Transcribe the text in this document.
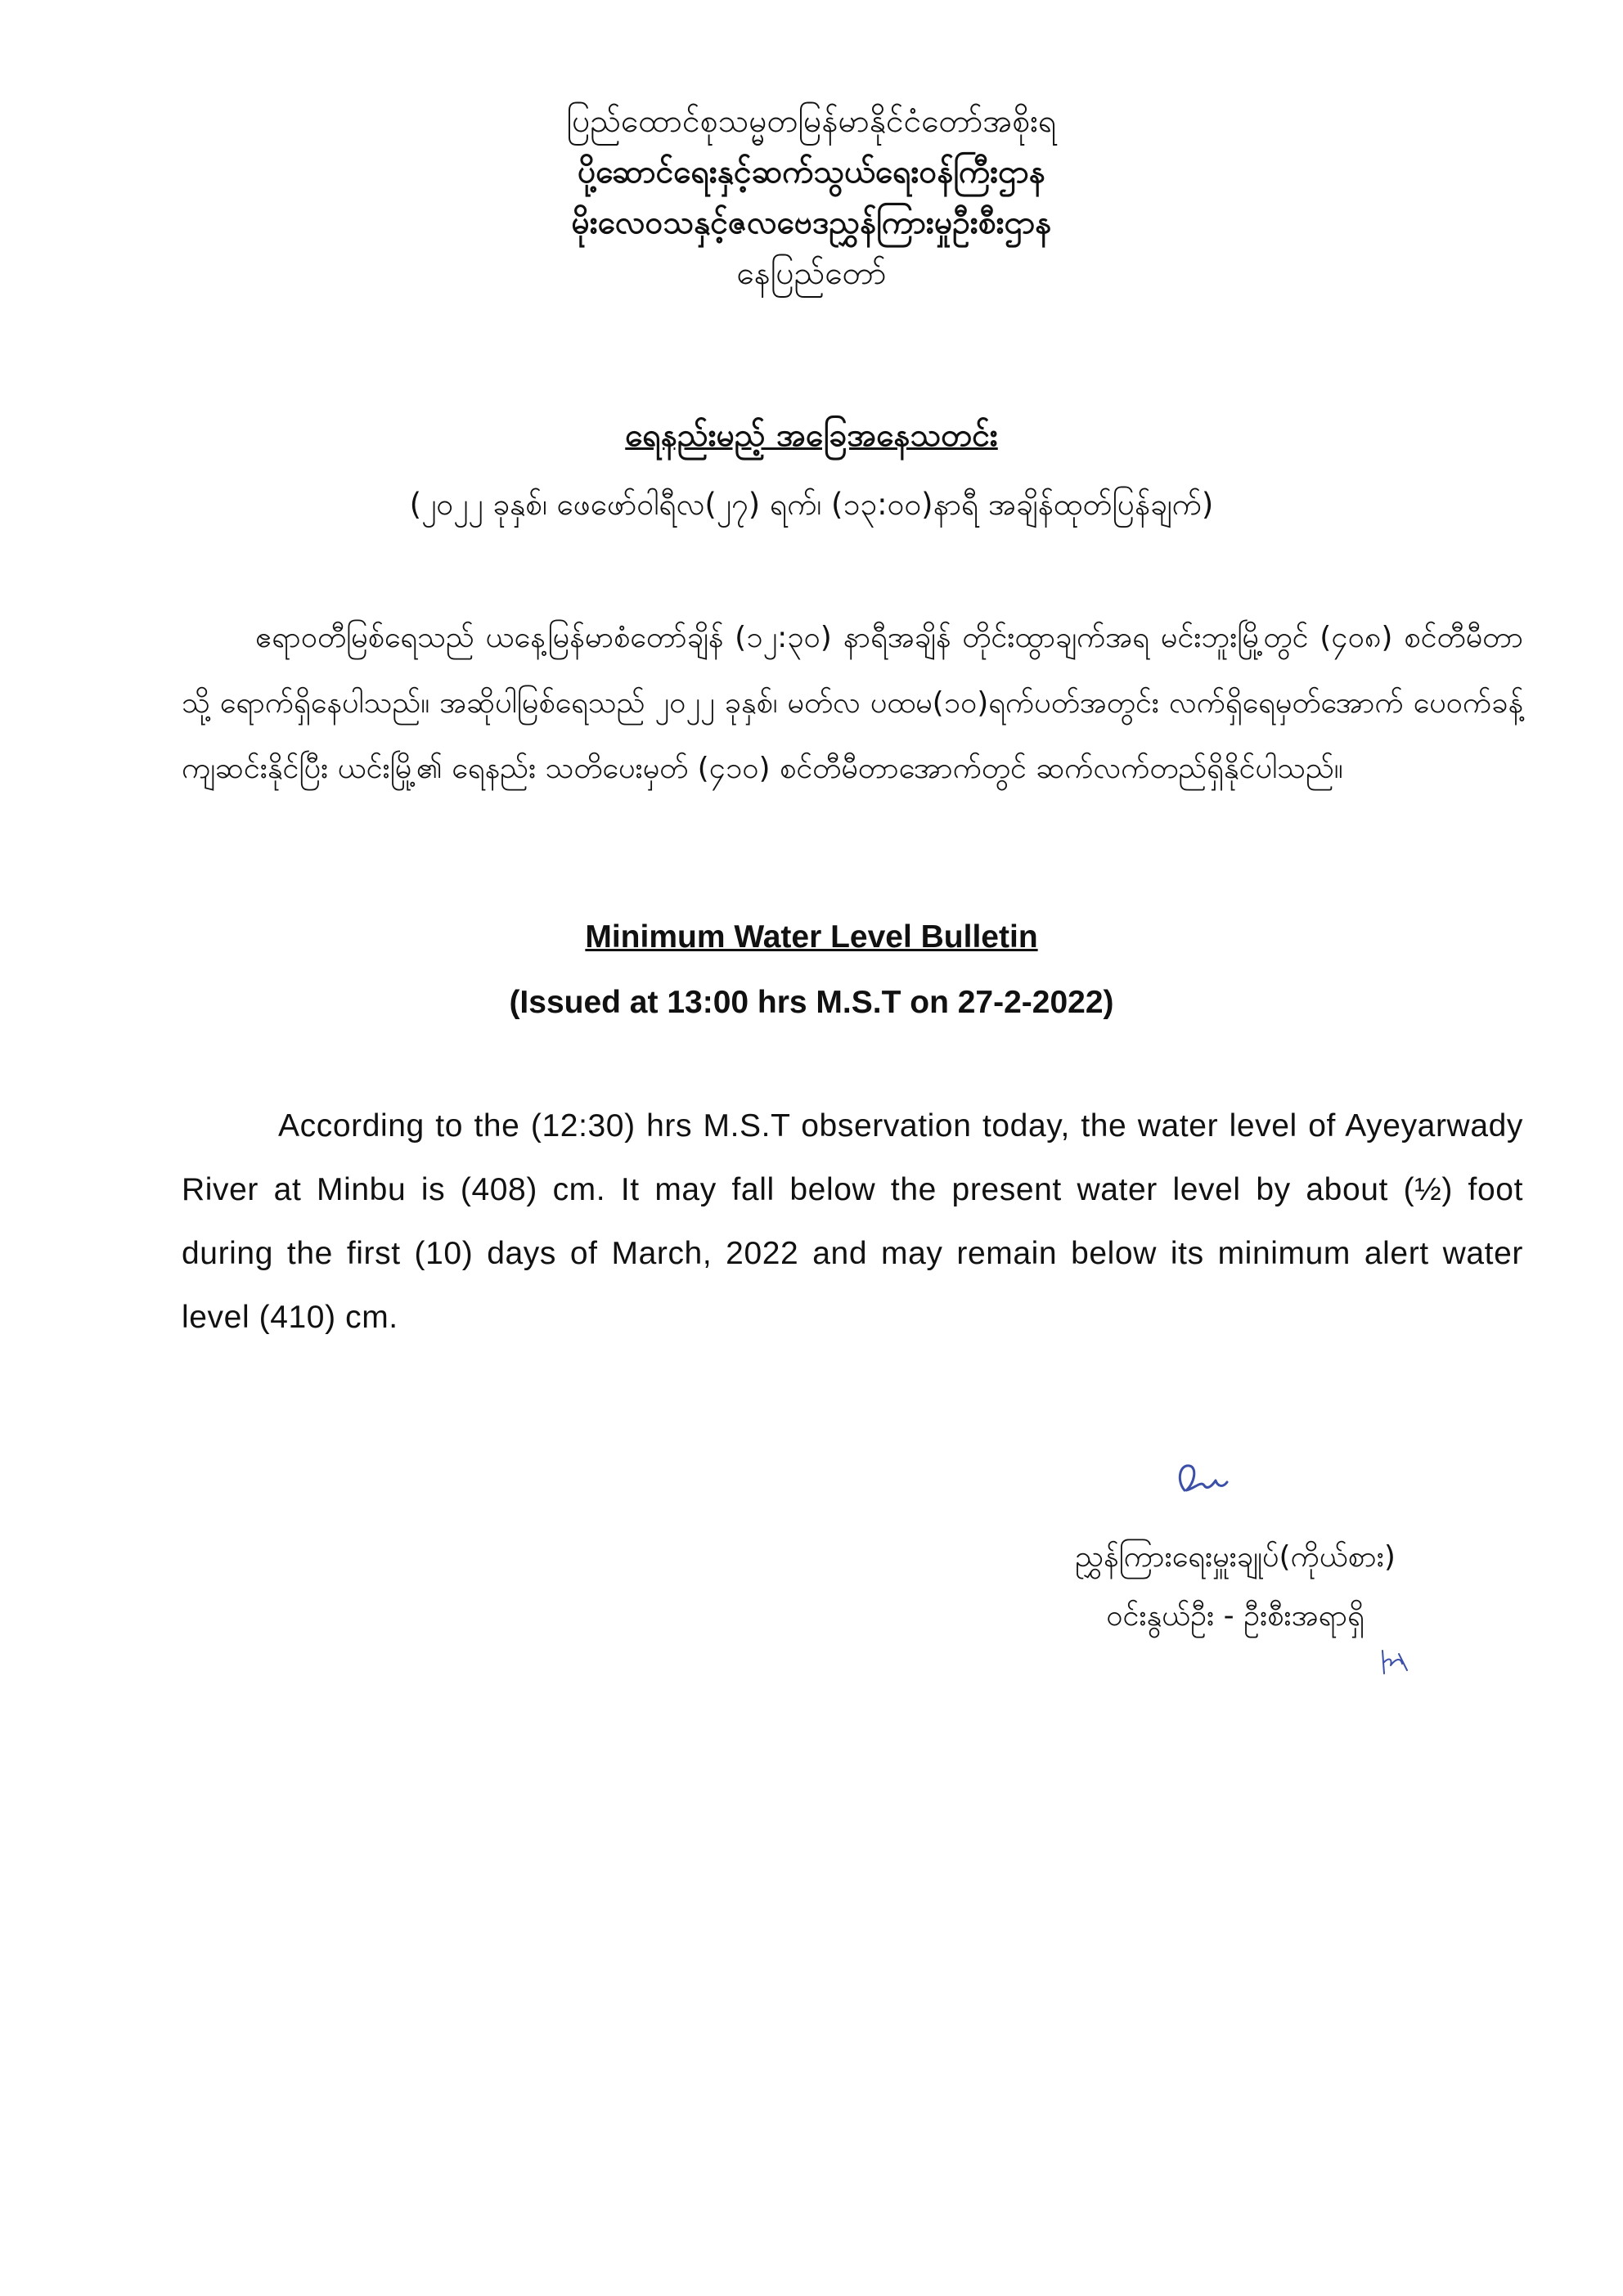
ပြည်ထောင်စုသမ္မတမြန်မာနိုင်ငံတော်အစိုးရ
ပို့ဆောင်ရေးနှင့်ဆက်သွယ်ရေးဝန်ကြီးဌာန
မိုးလေဝသနှင့်ဇလဗေဒညွှန်ကြားမှုဦးစီးဌာန
နေပြည်တော်
ရေနည်းမည့် အခြေအနေသတင်း
(၂၀၂၂ ခုနှစ်၊ ဖေဖော်ဝါရီလ(၂၇) ရက်၊ (၁၃:၀၀)နာရီ အချိန်ထုတ်ပြန်ချက်)
ဧရာဝတီမြစ်ရေသည် ယနေ့မြန်မာစံတော်ချိန် (၁၂:၃၀) နာရီအချိန် တိုင်းထွာချက်အရ မင်းဘူးမြို့တွင် (၄၀၈) စင်တီမီတာသို့ ရောက်ရှိနေပါသည်။ အဆိုပါမြစ်ရေသည် ၂၀၂၂ ခုနှစ်၊ မတ်လ ပထမ(၁၀)ရက်ပတ်အတွင်း လက်ရှိရေမှတ်အောက် ပေဝက်ခန့် ကျဆင်းနိုင်ပြီး ယင်းမြို့၏ ရေနည်း သတိပေးမှတ် (၄၁၀) စင်တီမီတာအောက်တွင် ဆက်လက်တည်ရှိနိုင်ပါသည်။
Minimum Water Level Bulletin
(Issued at 13:00 hrs M.S.T on 27-2-2022)
According to the (12:30) hrs M.S.T observation today, the water level of Ayeyarwady River at Minbu is (408) cm. It may fall below the present water level by about (½) foot during the first (10) days of March, 2022 and may remain below its minimum alert water level (410) cm.
ညွှန်ကြားရေးမှူးချုပ်(ကိုယ်စား)
ဝင်းနွယ်ဦး - ဦးစီးအရာရှိ
